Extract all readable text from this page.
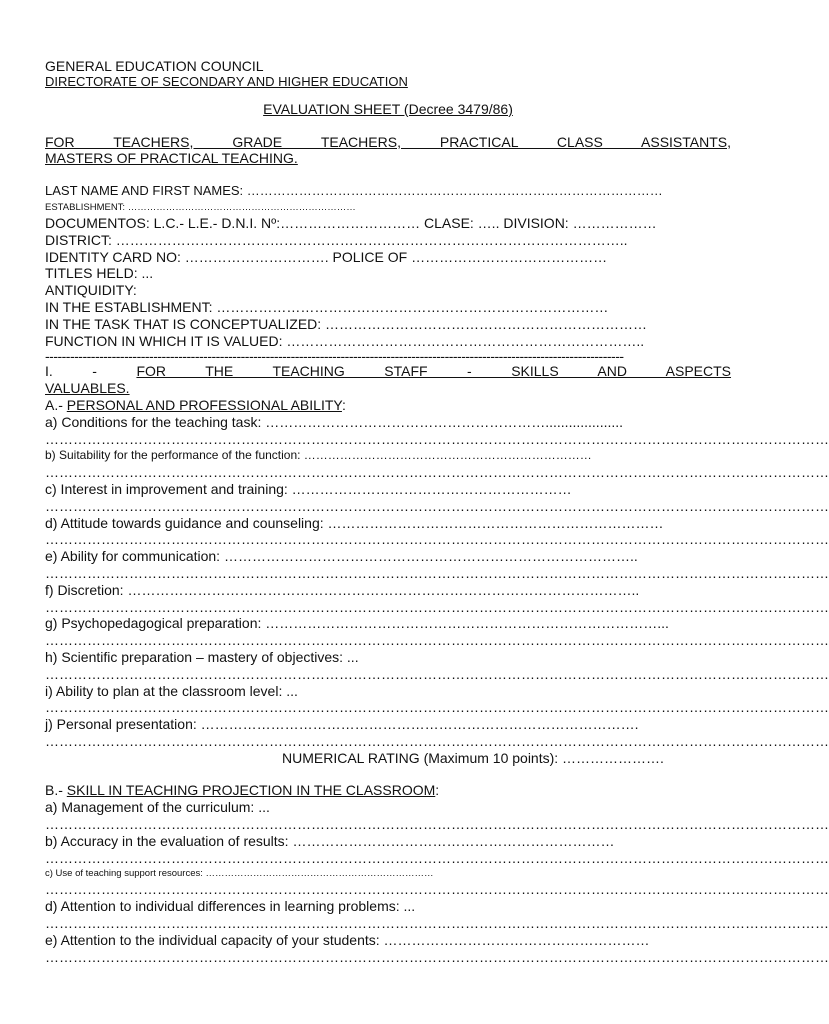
GENERAL EDUCATION COUNCIL
DIRECTORATE OF SECONDARY AND HIGHER EDUCATION
EVALUATION SHEET (Decree 3479/86)
FOR TEACHERS, GRADE TEACHERS, PRACTICAL CLASS ASSISTANTS,
MASTERS OF PRACTICAL TEACHING.
LAST NAME AND FIRST NAMES: ……………………………………………………………………………………
ESTABLISHMENT: ………………………………………………………………
DOCUMENTOS: L.C.- L.E.- D.N.I. Nº:………………………… CLASE: ….. DIVISION: ………………
DISTRICT: ………………………………………………………………………………………………..
IDENTITY CARD NO: …………………………. POLICE OF ……………………………………
TITLES HELD: ...
ANTIQUIDITY:
IN THE ESTABLISHMENT: …………………………………………………………………………
IN THE TASK THAT IS CONCEPTUALIZED: ……………………………………………………………
FUNCTION IN WHICH IT IS VALUED: …………………………………………………………………..
-------------------------------------------------------------------------------------------------------------------------------------------
I. -	FOR THE TEACHING STAFF - SKILLS AND ASPECTS
VALUABLES.
A.- PERSONAL AND PROFESSIONAL ABILITY:
a) Conditions for the teaching task: ……………………………………………………....................
……………………………………………………………………………………………………………………………………………………
b) Suitability for the performance of the function: ………………………………………………………………
……………………………………………………………………………………………………………………………………………………
c) Interest in improvement and training: ……………………………………………………
……………………………………………………………………………………………………………………………………………………
d) Attitude towards guidance and counseling: ………………………………………………………………
……………………………………………………………………………………………………………………………………………………
e) Ability for communication: ……………………………………………………………………………..
……………………………………………………………………………………………………………………………………………………
f) Discretion: ………………………………………………………………………………………………..
……………………………………………………………………………………………………………………………………………………
g) Psychopedagogical preparation: …………………………………………………………………………...
……………………………………………………………………………………………………………………………………………………
h) Scientific preparation – mastery of objectives: ...
……………………………………………………………………………………………………………………………………………………
i) Ability to plan at the classroom level: ...
……………………………………………………………………………………………………………………………………………………
j) Personal presentation: ………………………………………………………………………………….
……………………………………………………………………………………………………………………………………………………
NUMERICAL RATING (Maximum 10 points): ………………….
B.- SKILL IN TEACHING PROJECTION IN THE CLASSROOM:
a) Management of the curriculum: ...
……………………………………………………………………………………………………………………………………………………
b) Accuracy in the evaluation of results: ……………………………………………………………
……………………………………………………………………………………………………………………………………………………
c) Use of teaching support resources: ………………………………………………………………
……………………………………………………………………………………………………………………………………………………
d) Attention to individual differences in learning problems: ...
……………………………………………………………………………………………………………………………………………………
e) Attention to the individual capacity of your students: …………………………………………………
……………………………………………………………………………………………………………………………………………………
